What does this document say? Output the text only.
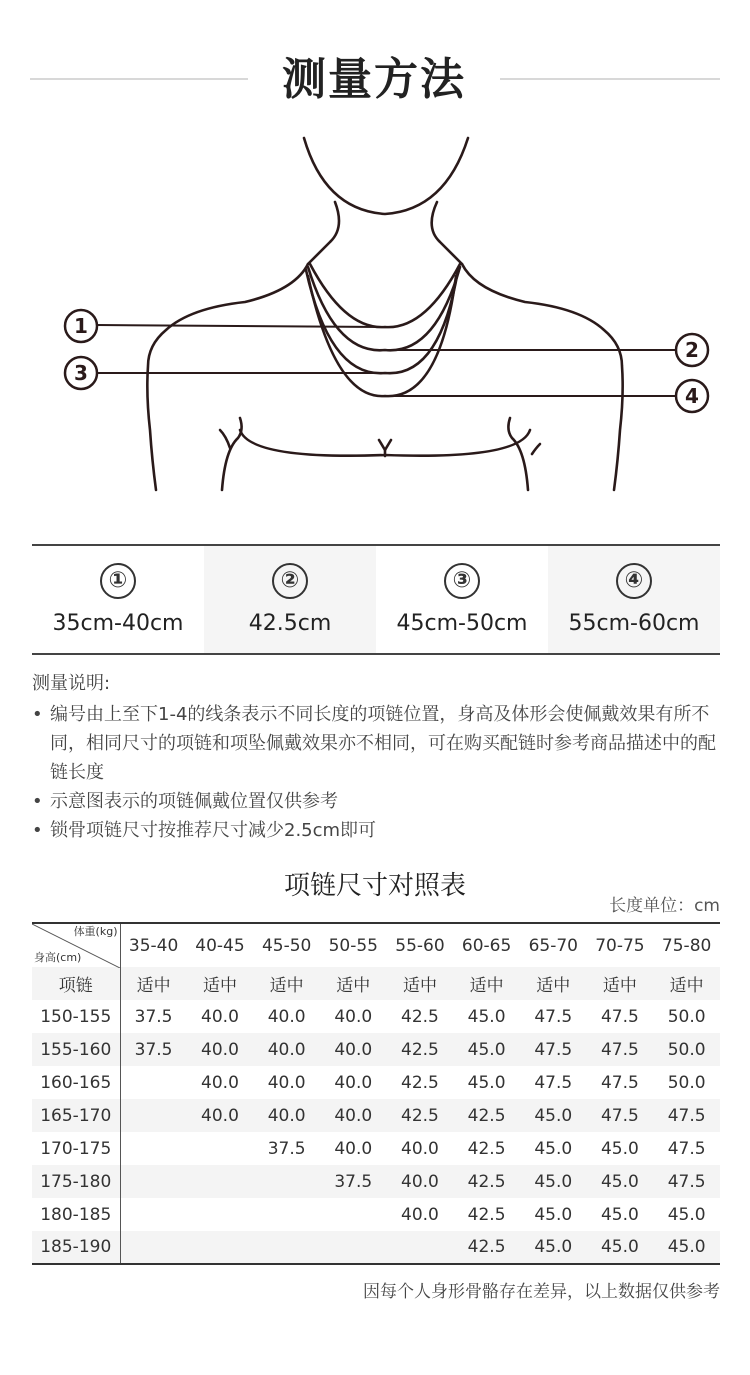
测量方法
1
2
3
4
①
35cm-40cm
②
42.5cm
③
45cm-50cm
④
55cm-60cm
测量说明:
• 编号由上至下1-4的线条表示不同长度的项链位置，身高及体形会使佩戴效果有所不同，相同尺寸的项链和项坠佩戴效果亦不相同，可在购买配链时参考商品描述中的配链长度
• 示意图表示的项链佩戴位置仅供参考
• 锁骨项链尺寸按推荐尺寸减少2.5cm即可
项链尺寸对照表
长度单位：cm
体重(kg)
身高(cm)	35-40	40-45	45-50	50-55	55-60	60-65	65-70	70-75	75-80
项链	适中	适中	适中	适中	适中	适中	适中	适中	适中
150-155	37.5	40.0	40.0	40.0	42.5	45.0	47.5	47.5	50.0
155-160	37.5	40.0	40.0	40.0	42.5	45.0	47.5	47.5	50.0
160-165		40.0	40.0	40.0	42.5	45.0	47.5	47.5	50.0
165-170		40.0	40.0	40.0	42.5	42.5	45.0	47.5	47.5
170-175			37.5	40.0	40.0	42.5	45.0	45.0	47.5
175-180				37.5	40.0	42.5	45.0	45.0	47.5
180-185					40.0	42.5	45.0	45.0	45.0
185-190						42.5	45.0	45.0	45.0
因每个人身形骨骼存在差异，以上数据仅供参考
